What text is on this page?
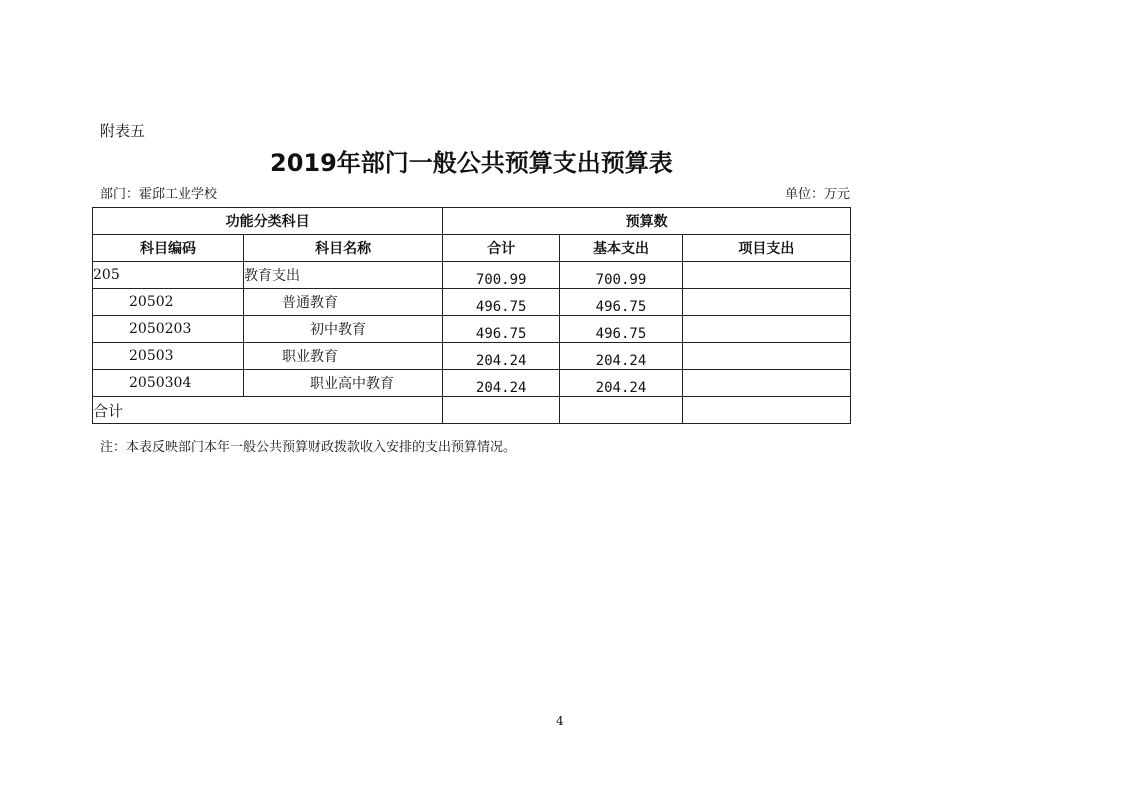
附表五
2019年部门一般公共预算支出预算表
部门：霍邱工业学校	单位：万元
功能分类科目		预算数		
科目编码	科目名称	合计	基本支出	项目支出
205	教育支出	700.99	700.99	
20502	普通教育	496.75	496.75	
2050203	初中教育	496.75	496.75	
20503	职业教育	204.24	204.24	
2050304	职业高中教育	204.24	204.24	
合计				
注：本表反映部门本年一般公共预算财政拨款收入安排的支出预算情况。
4
